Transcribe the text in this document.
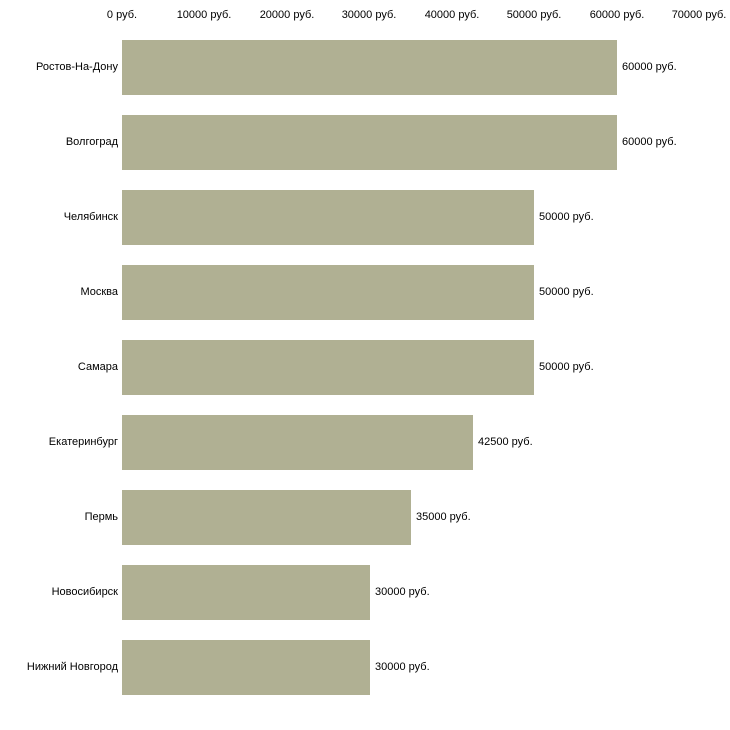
0 руб.	10000 руб.	20000 руб. 30000 руб.	40000 руб. 50000 руб.	60000 руб. 70000 руб.
Ростов-На-Дону	60000 руб.
Волгоград	60000 руб.
Челябинск	50000 руб.
Москва	50000 руб.
Самара	50000 руб.
Екатеринбург	42500 руб.
Пермь	35000 руб.
Новосибирск	30000 руб.
Нижний Новгород	30000 руб.
